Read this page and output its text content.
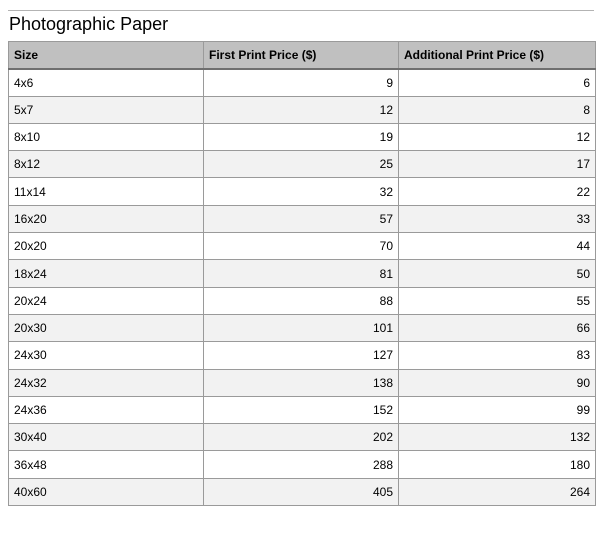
Photographic Paper
Size	First Print Price ($)	Additional Print Price ($)
4x6	9	6
5x7	12	8
8x10	19	12
8x12	25	17
11x14	32	22
16x20	57	33
20x20	70	44
18x24	81	50
20x24	88	55
20x30	101	66
24x30	127	83
24x32	138	90
24x36	152	99
30x40	202	132
36x48	288	180
40x60	405	264
